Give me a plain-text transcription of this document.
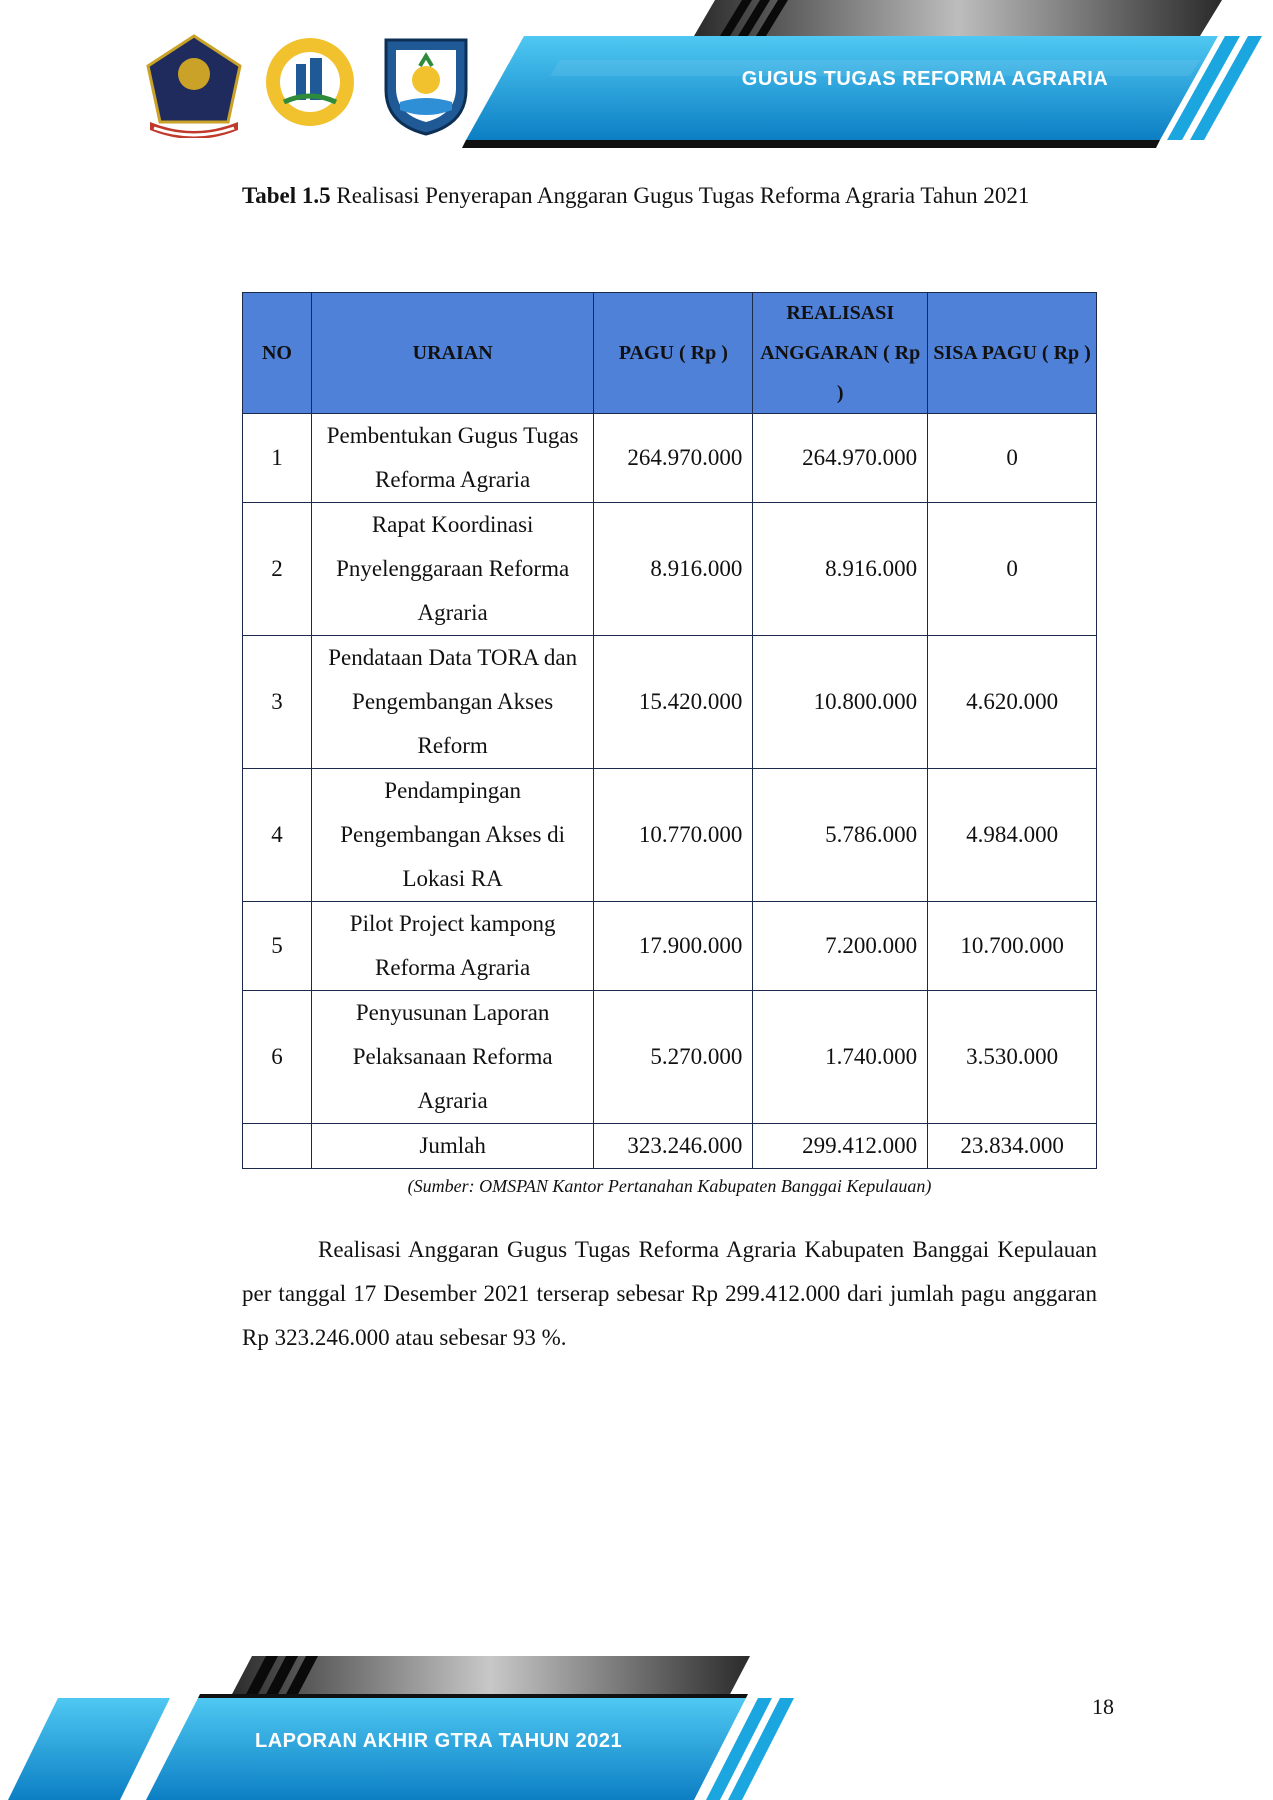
GUGUS TUGAS REFORMA AGRARIA
Tabel 1.5 Realisasi Penyerapan Anggaran Gugus Tugas Reforma Agraria Tahun 2021
NO	URAIAN	PAGU ( Rp )	REALISASI ANGGARAN ( Rp )	SISA PAGU ( Rp )
1	Pembentukan Gugus Tugas Reforma Agraria	264.970.000	264.970.000	0
2	Rapat Koordinasi Pnyelenggaraan Reforma Agraria	8.916.000	8.916.000	0
3	Pendataan Data TORA dan Pengembangan Akses Reform	15.420.000	10.800.000	4.620.000
4	Pendampingan Pengembangan Akses di Lokasi RA	10.770.000	5.786.000	4.984.000
5	Pilot Project kampong Reforma Agraria	17.900.000	7.200.000	10.700.000
6	Penyusunan Laporan Pelaksanaan Reforma Agraria	5.270.000	1.740.000	3.530.000
	Jumlah	323.246.000	299.412.000	23.834.000
(Sumber: OMSPAN Kantor Pertanahan Kabupaten Banggai Kepulauan)
Realisasi Anggaran Gugus Tugas Reforma Agraria Kabupaten Banggai Kepulauan per tanggal 17 Desember 2021 terserap sebesar Rp 299.412.000 dari jumlah pagu anggaran Rp 323.246.000 atau sebesar 93 %.
LAPORAN AKHIR GTRA TAHUN 2021
18
